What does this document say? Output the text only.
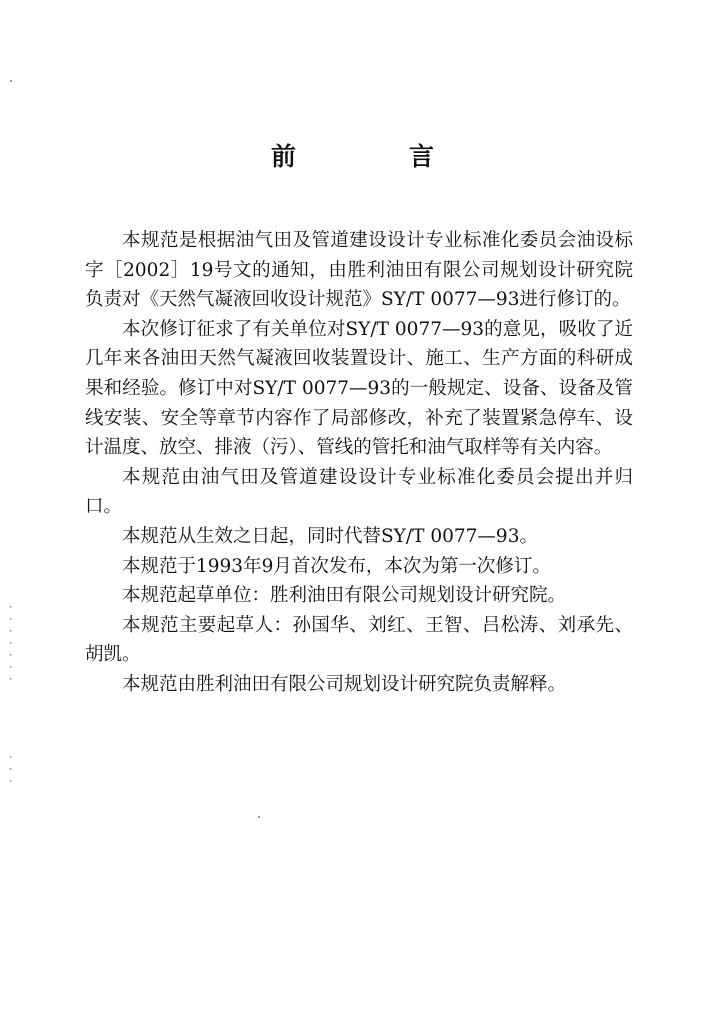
·
·
·
·
·
·
·
·
·
·
前　言

本规范是根据油气田及管道建设设计专业标准化委员会油设标字［2002］19号文的通知，由胜利油田有限公司规划设计研究院负责对《天然气凝液回收设计规范》SY/T 0077—93进行修订的。

本次修订征求了有关单位对SY/T 0077—93的意见，吸收了近几年来各油田天然气凝液回收装置设计、施工、生产方面的科研成果和经验。修订中对SY/T 0077—93的一般规定、设备、设备及管线安装、安全等章节内容作了局部修改，补充了装置紧急停车、设计温度、放空、排液（污）、管线的管托和油气取样等有关内容。

本规范由油气田及管道建设设计专业标准化委员会提出并归口。

本规范从生效之日起，同时代替SY/T 0077—93。

本规范于1993年9月首次发布，本次为第一次修订。

本规范起草单位：胜利油田有限公司规划设计研究院。

本规范主要起草人：孙国华、刘红、王智、吕松涛、刘承先、胡凯。

本规范由胜利油田有限公司规划设计研究院负责解释。
